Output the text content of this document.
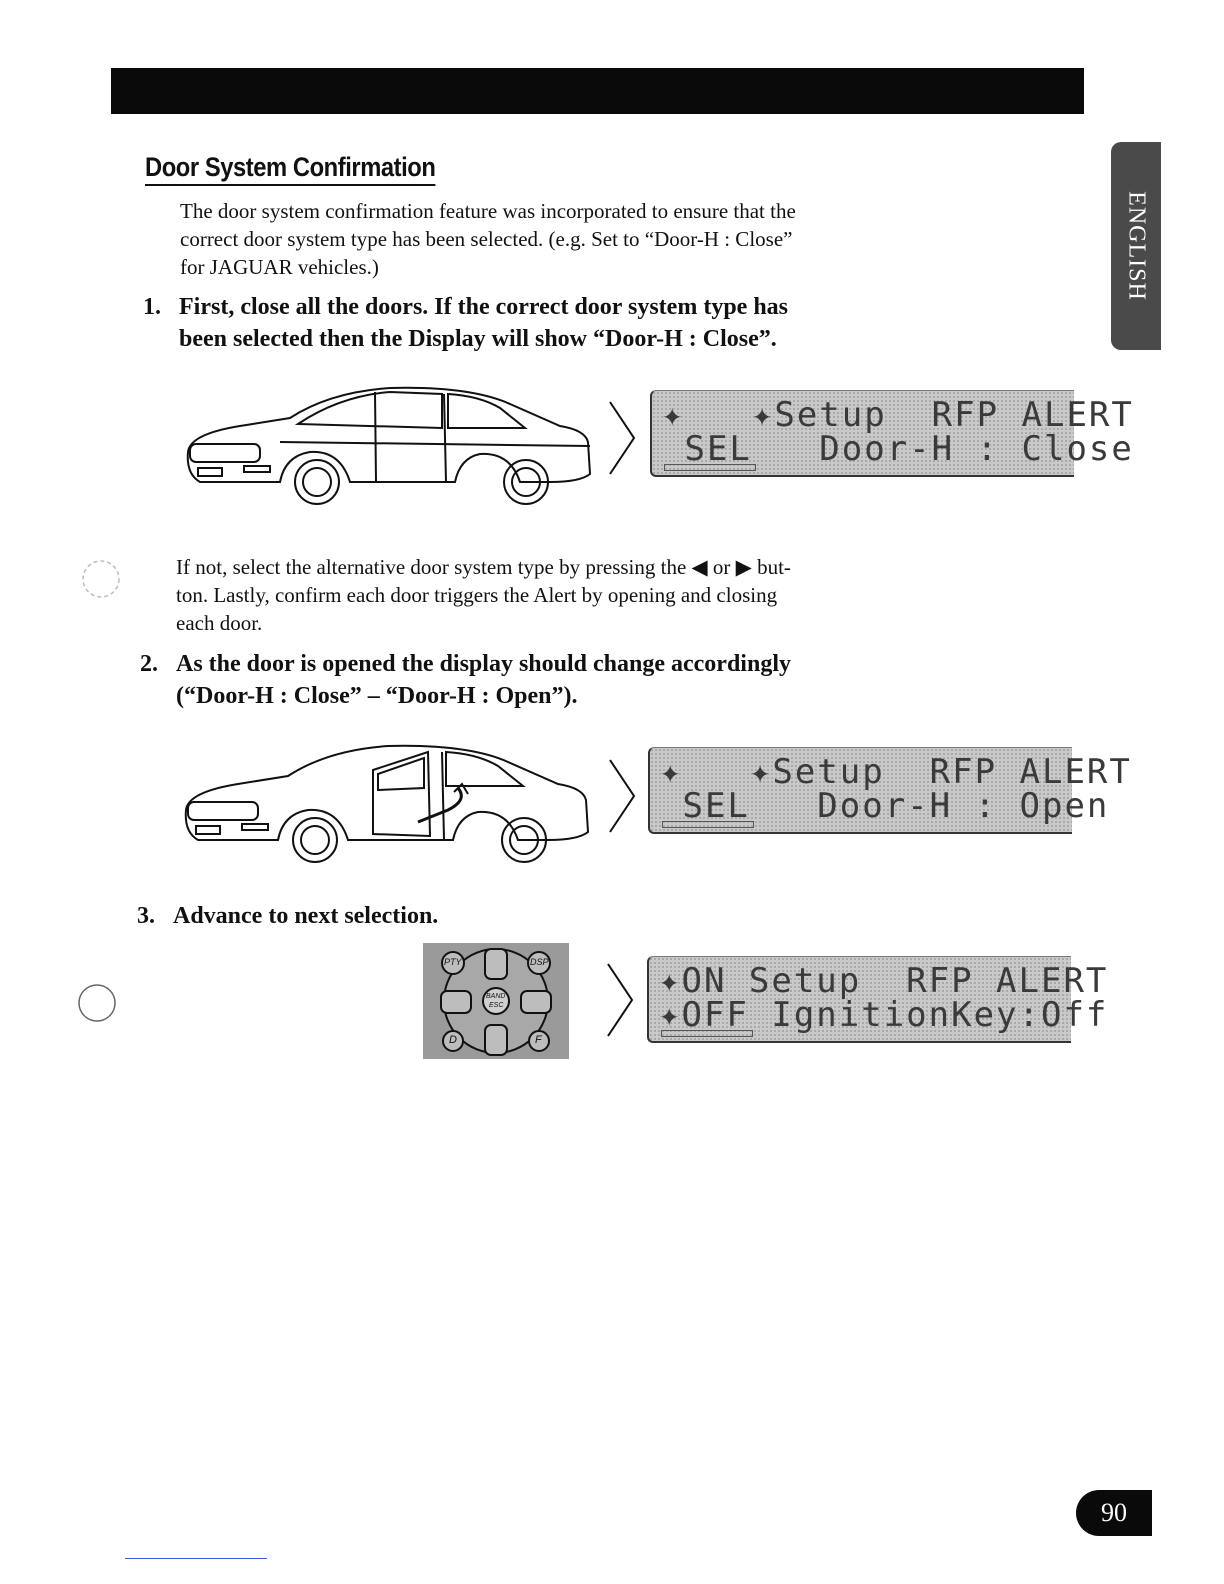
ENGLISH
Door System Confirmation
The door system confirmation feature was incorporated to ensure that the
correct door system type has been selected. (e.g. Set to “Door-H : Close”
for JAGUAR vehicles.)
1. First, close all the doors. If the correct door system type has
been selected then the Display will show “Door-H : Close”.
✦   ✦Setup  RFP ALERT
SEL   Door-H : Close
If not, select the alternative door system type by pressing the ◀ or ▶ but-
ton. Lastly, confirm each door triggers the Alert by opening and closing
each door.
2. As the door is opened the display should change accordingly
(“Door-H : Close” – “Door-H : Open”).
✦   ✦Setup  RFP ALERT
SEL   Door-H : Open
3. Advance to next selection.
PTY	DSP
BAND
ESC
D	F
✦ON Setup  RFP ALERT
✦OFF IgnitionKey:Off
90
